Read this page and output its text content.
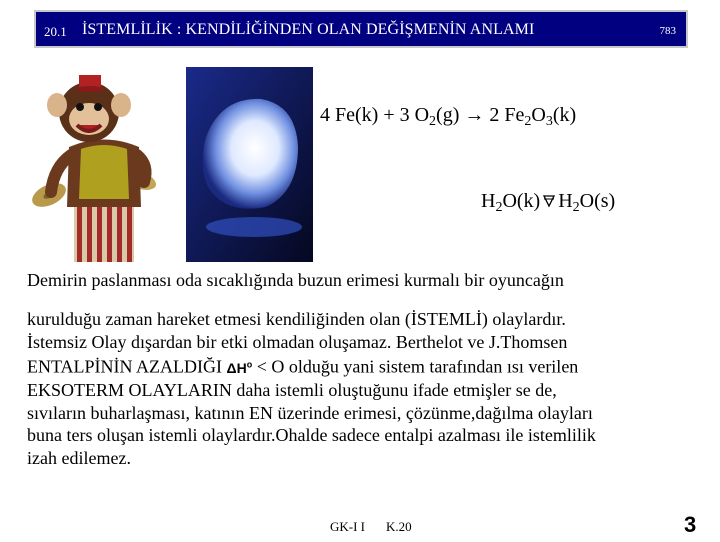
20.1 İSTEMLİLİK : KENDİLİĞİNDEN OLAN DEĞİŞMENİN ANLAMI	783
4 Fe(k) + 3 $O_2(g) \to 2$ $Fe_2O_3(k)$
$H_2O(k)$ ⇌ $H_2O(s)$
Demirin paslanması oda sıcaklığında buzun erimesi kurmalı bir oyuncağın
kurulduğu zaman hareket etmesi kendiliğinden olan (İSTEMLİ) olaylardır.
İstemsiz Olay dışardan bir etki olmadan oluşamaz. Berthelot ve J.Thomsen
ENTALPİNİN AZALDIĞI $\Delta H^o < O$ olduğu yani sistem tarafından ısı verilen
EKSOTERM OLAYLARIN daha istemli oluştuğunu ifade etmişler se de,
sıvıların buharlaşması, katının EN üzerinde erimesi, çözünme,dağılma olayları
buna ters oluşan istemli olaylardır.Ohalde sadece entalpi azalması ile istemlilik
izah edilemez.
GK-I I K.20	3
